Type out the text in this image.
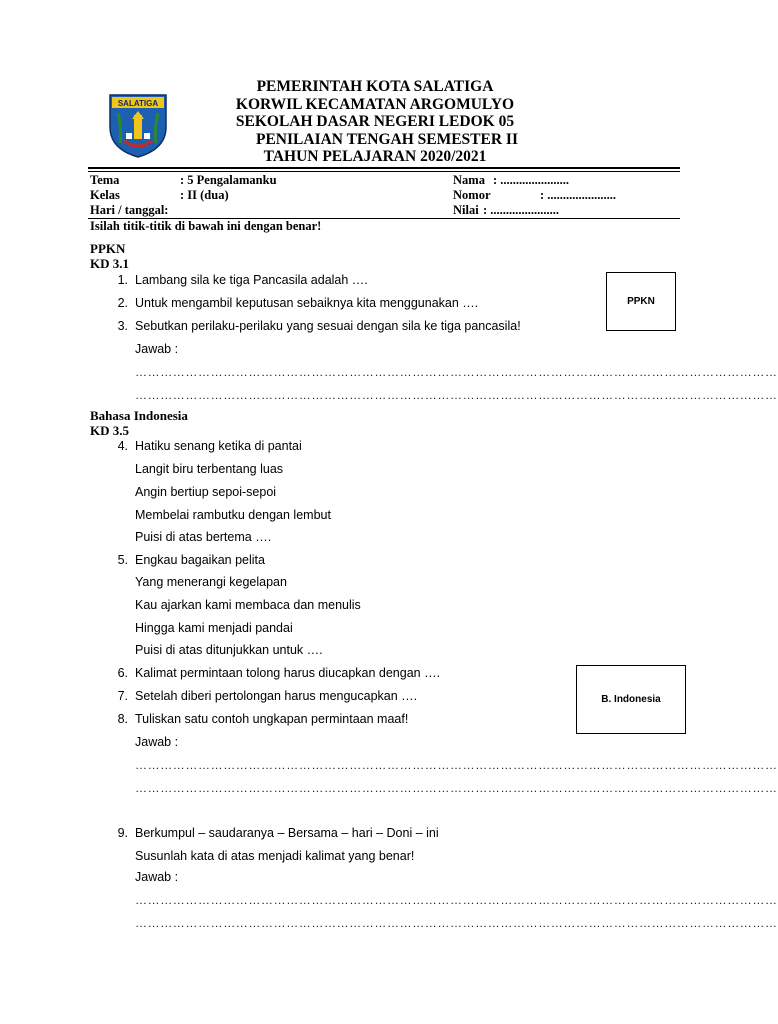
SALATIGA
PEMERINTAH KOTA SALATIGA
KORWIL KECAMATAN ARGOMULYO
SEKOLAH DASAR NEGERI LEDOK 05
PENILAIAN TENGAH SEMESTER II
TAHUN PELAJARAN 2020/2021
Tema	: 5 Pengalamanku
Kelas	: II (dua)
Hari / tanggal:
Nama : ......................
Nomor	: ......................
Nilai : ......................
Isilah titik-titik di bawah ini dengan benar!
PPKN
KD 3.1
1. Lambang sila ke tiga Pancasila adalah ….
2. Untuk mengambil keputusan sebaiknya kita menggunakan ….
3. Sebutkan perilaku-perilaku yang sesuai dengan sila ke tiga pancasila!
Jawab :
………………………………………………………………………………………………………………………………………
………………………………………………………………………………………………………………………………………
PPKN
Bahasa Indonesia
KD 3.5
4. Hatiku senang ketika di pantai
Langit biru terbentang luas
Angin bertiup sepoi-sepoi
Membelai rambutku dengan lembut
Puisi di atas bertema ….
5. Engkau bagaikan pelita
Yang menerangi kegelapan
Kau ajarkan kami membaca dan menulis
Hingga kami menjadi pandai
Puisi di atas ditunjukkan untuk ….
6. Kalimat permintaan tolong harus diucapkan dengan ….
7. Setelah diberi pertolongan harus mengucapkan ….
8. Tuliskan satu contoh ungkapan permintaan maaf!
Jawab :
………………………………………………………………………………………………………………………………………
………………………………………………………………………………………………………………………………………
B. Indonesia
9. Berkumpul – saudaranya – Bersama – hari – Doni – ini
Susunlah kata di atas menjadi kalimat yang benar!
Jawab :
………………………………………………………………………………………………………………………………………
………………………………………………………………………………………………………………………………………
